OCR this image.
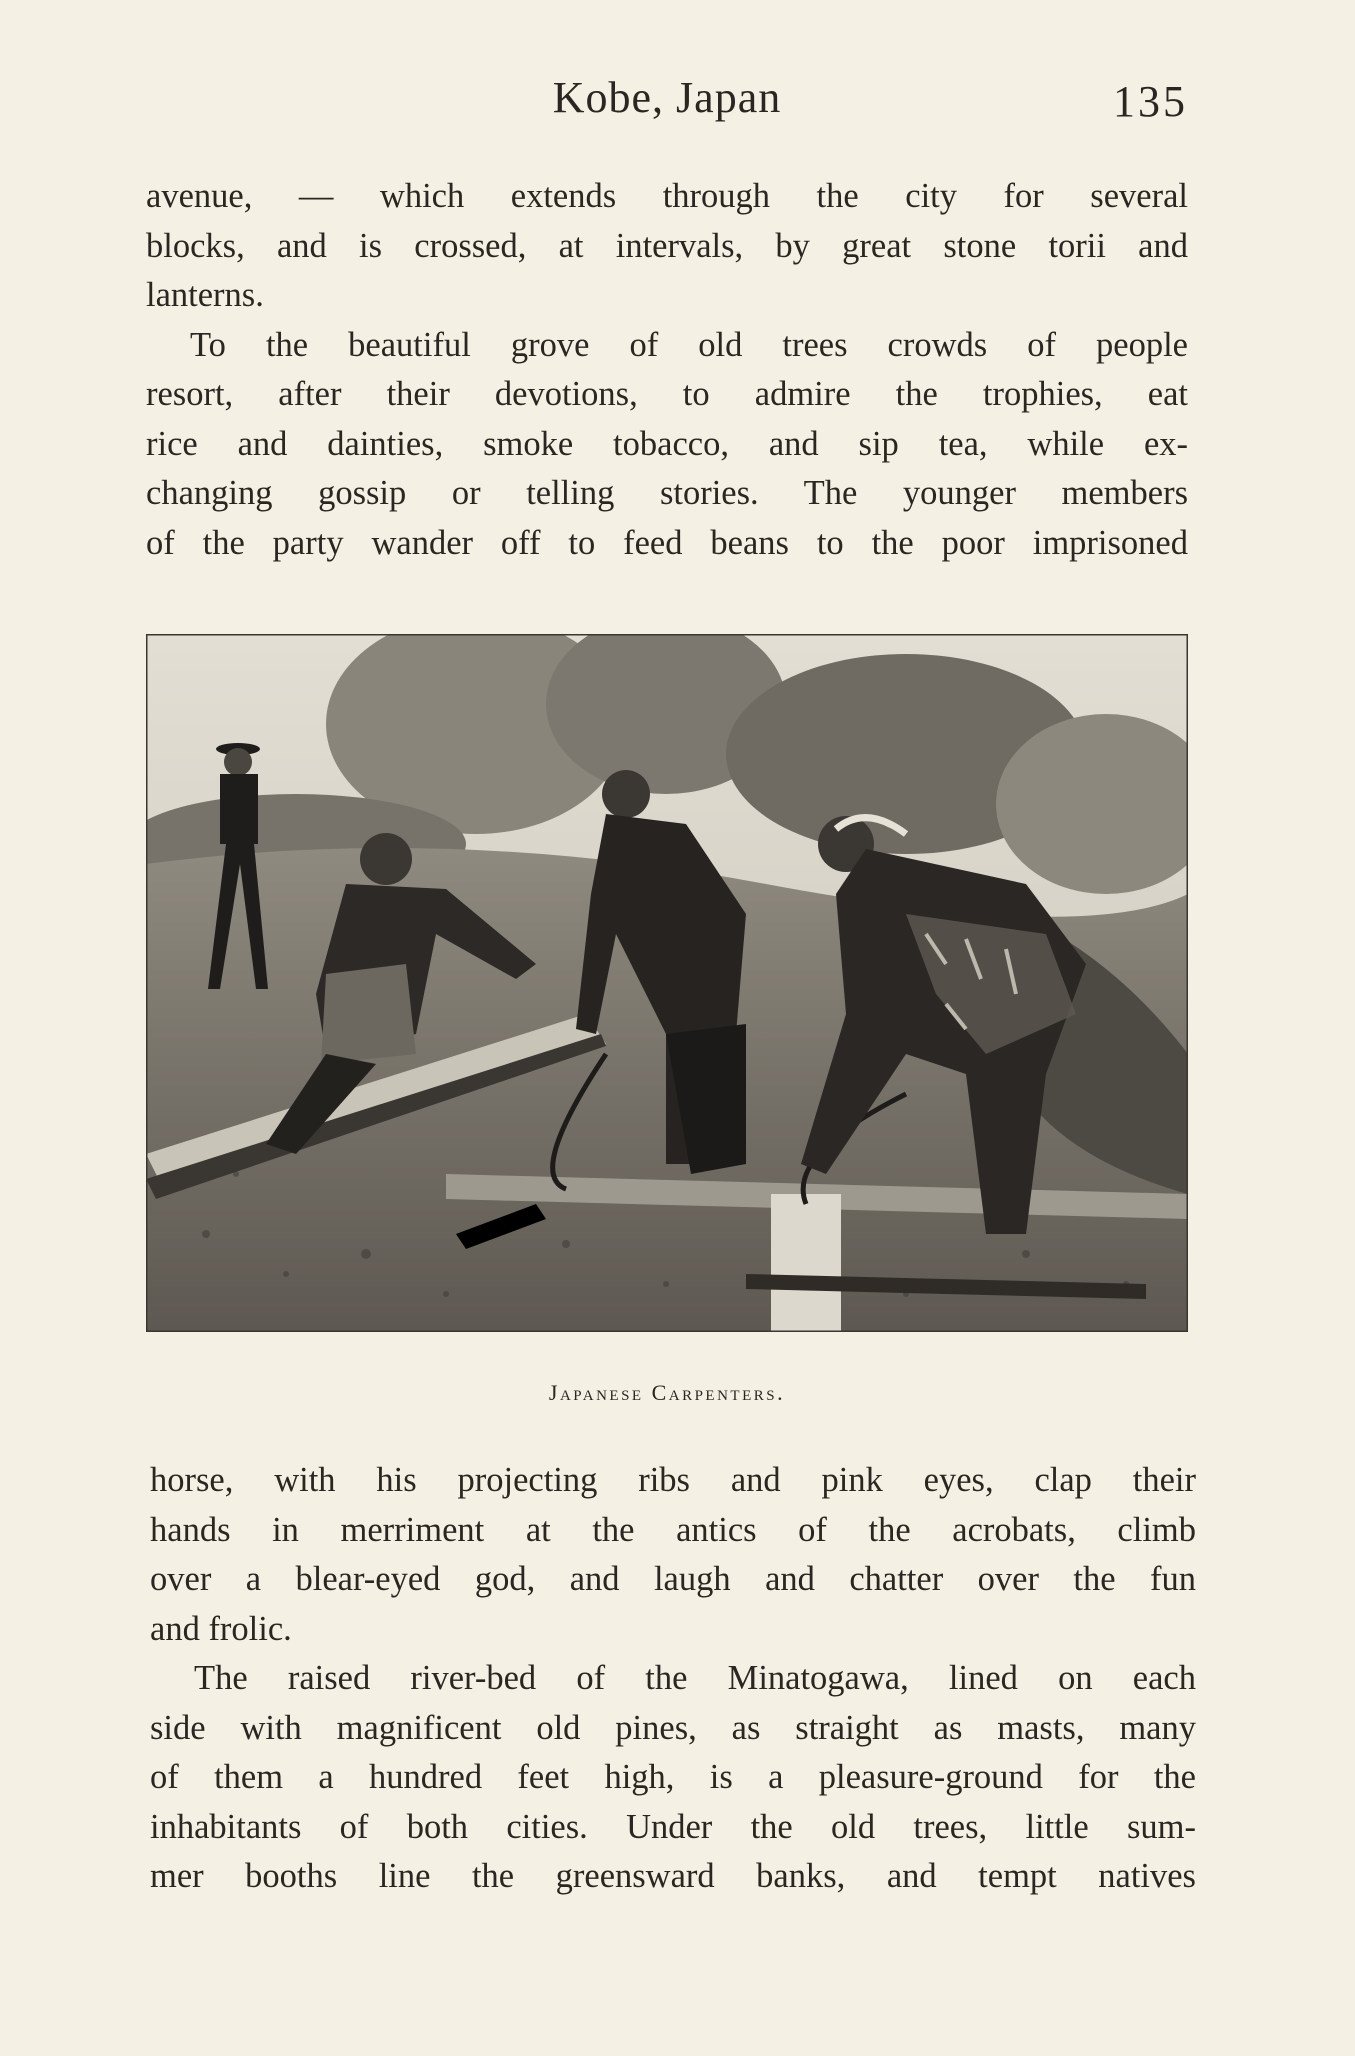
Kobe, Japan	135
avenue, — which extends through the city for several
blocks, and is crossed, at intervals, by great stone torii and
lanterns.
To the beautiful grove of old trees crowds of people
resort, after their devotions, to admire the trophies, eat
rice and dainties, smoke tobacco, and sip tea, while ex-
changing gossip or telling stories. The younger members
of the party wander off to feed beans to the poor imprisoned
Japanese Carpenters.
horse, with his projecting ribs and pink eyes, clap their
hands in merriment at the antics of the acrobats, climb
over a blear-eyed god, and laugh and chatter over the fun
and frolic.
The raised river-bed of the Minatogawa, lined on each
side with magnificent old pines, as straight as masts, many
of them a hundred feet high, is a pleasure-ground for the
inhabitants of both cities. Under the old trees, little sum-
mer booths line the greensward banks, and tempt natives
